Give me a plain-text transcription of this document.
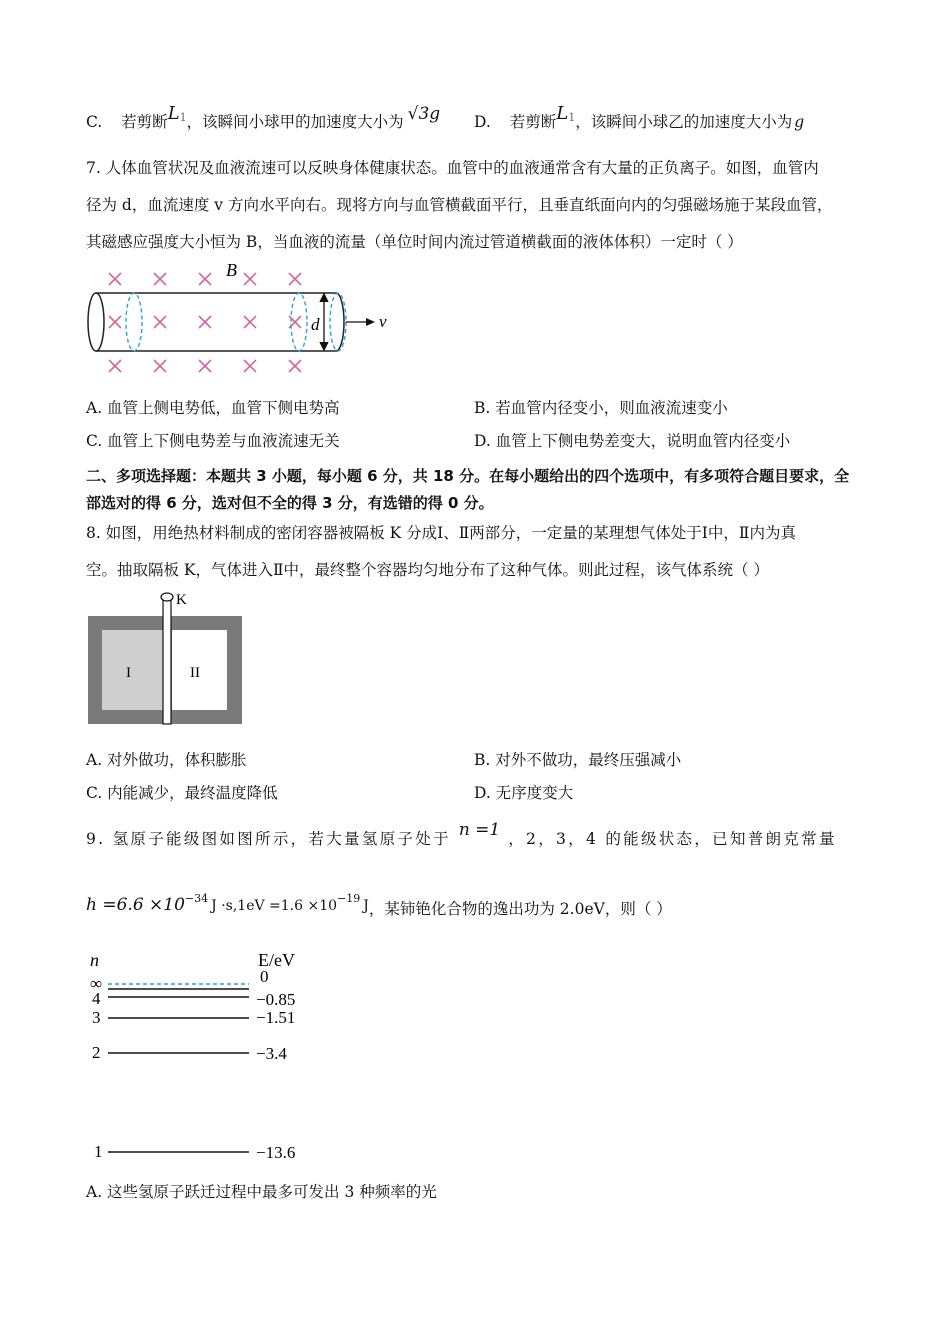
C. 若剪断$L^1$，该瞬间小球甲的加速度大小为 √3g D. 若剪断$L^1$，该瞬间小球乙的加速度大小为 g
7. 人体血管状况及血液流速可以反映身体健康状态。血管中的血液通常含有大量的正负离子。如图，血管内
径为 d，血流速度 v 方向水平向右。现将方向与血管横截面平行，且垂直纸面向内的匀强磁场施于某段血管，
其磁感应强度大小恒为 B，当血液的流量（单位时间内流过管道横截面的液体体积）一定时（ ）
B
d	v
A. 血管上侧电势低，血管下侧电势高	B. 若血管内径变小，则血液流速变小
C. 血管上下侧电势差与血液流速无关	D. 血管上下侧电势差变大，说明血管内径变小
二、多项选择题：本题共 3 小题，每小题 6 分，共 18 分。在每小题给出的四个选项中，有多项符合题目要求，全
部选对的得 6 分，选对但不全的得 3 分，有选错的得 0 分。
8. 如图，用绝热材料制成的密闭容器被隔板 K 分成Ⅰ、Ⅱ两部分，一定量的某理想气体处于Ⅰ中，Ⅱ内为真
空。抽取隔板 K，气体进入Ⅱ中，最终整个容器均匀地分布了这种气体。则此过程，该气体系统（ ）
K
I	II
A. 对外做功，体积膨胀	B. 对外不做功，最终压强减小
C. 内能减少，最终温度降低	D. 无序度变大
9. 氢原子能级图如图所示，若大量氢原子处于 n =1 ，2，3，4 的能级状态，已知普朗克常量
$h =6.6 \times 10^{-34}$ $J \cdot s,1eV =1.6 \times 10^{-19}$ J，某铈铯化合物的逸出功为 2.0eV，则（ ）
n	E/eV
∞	0
4	−0.85
3	−1.51
2	−3.4
1	−13.6
A. 这些氢原子跃迁过程中最多可发出 3 种频率的光
